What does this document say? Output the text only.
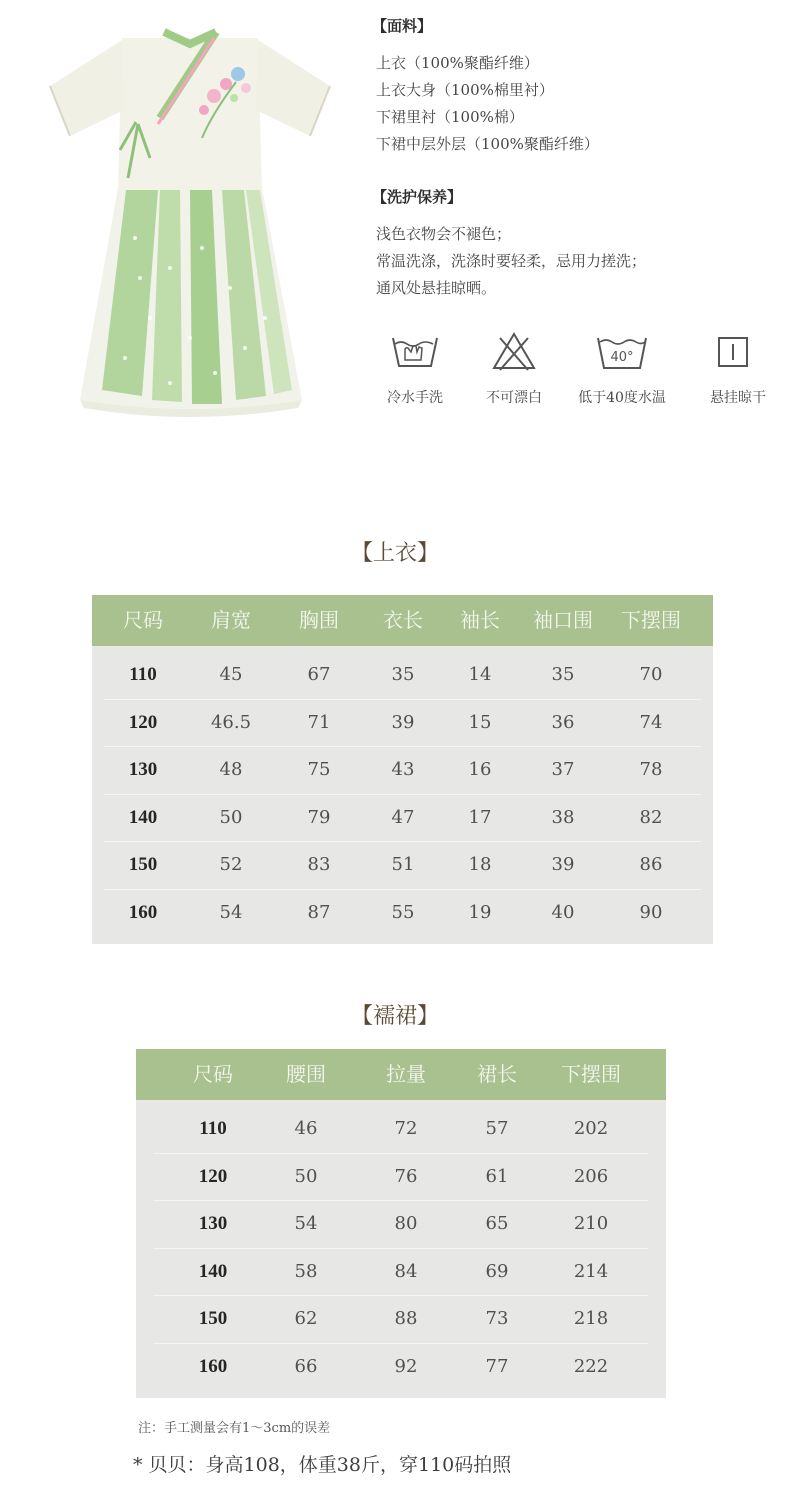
【面料】
上衣（100%聚酯纤维）
上衣大身（100%棉里衬）
下裙里衬（100%棉）
下裙中层外层（100%聚酯纤维）
【洗护保养】
浅色衣物会不褪色；
常温洗涤，洗涤时要轻柔，忌用力搓洗；
通风处悬挂晾晒。
40°
冷水手洗	不可漂白	低于40度水温	悬挂晾干
【上衣】
尺码	肩宽	胸围	衣长	袖长	袖口围	下摆围
110	45	67	35	14	35	70
120	46.5	71	39	15	36	74
130	48	75	43	16	37	78
140	50	79	47	17	38	82
150	52	83	51	18	39	86
160	54	87	55	19	40	90
【襦裙】
尺码	腰围	拉量	裙长	下摆围
110	46	72	57	202
120	50	76	61	206
130	54	80	65	210
140	58	84	69	214
150	62	88	73	218
160	66	92	77	222
注：手工测量会有1～3cm的误差
* 贝贝：身高108，体重38斤，穿110码拍照
